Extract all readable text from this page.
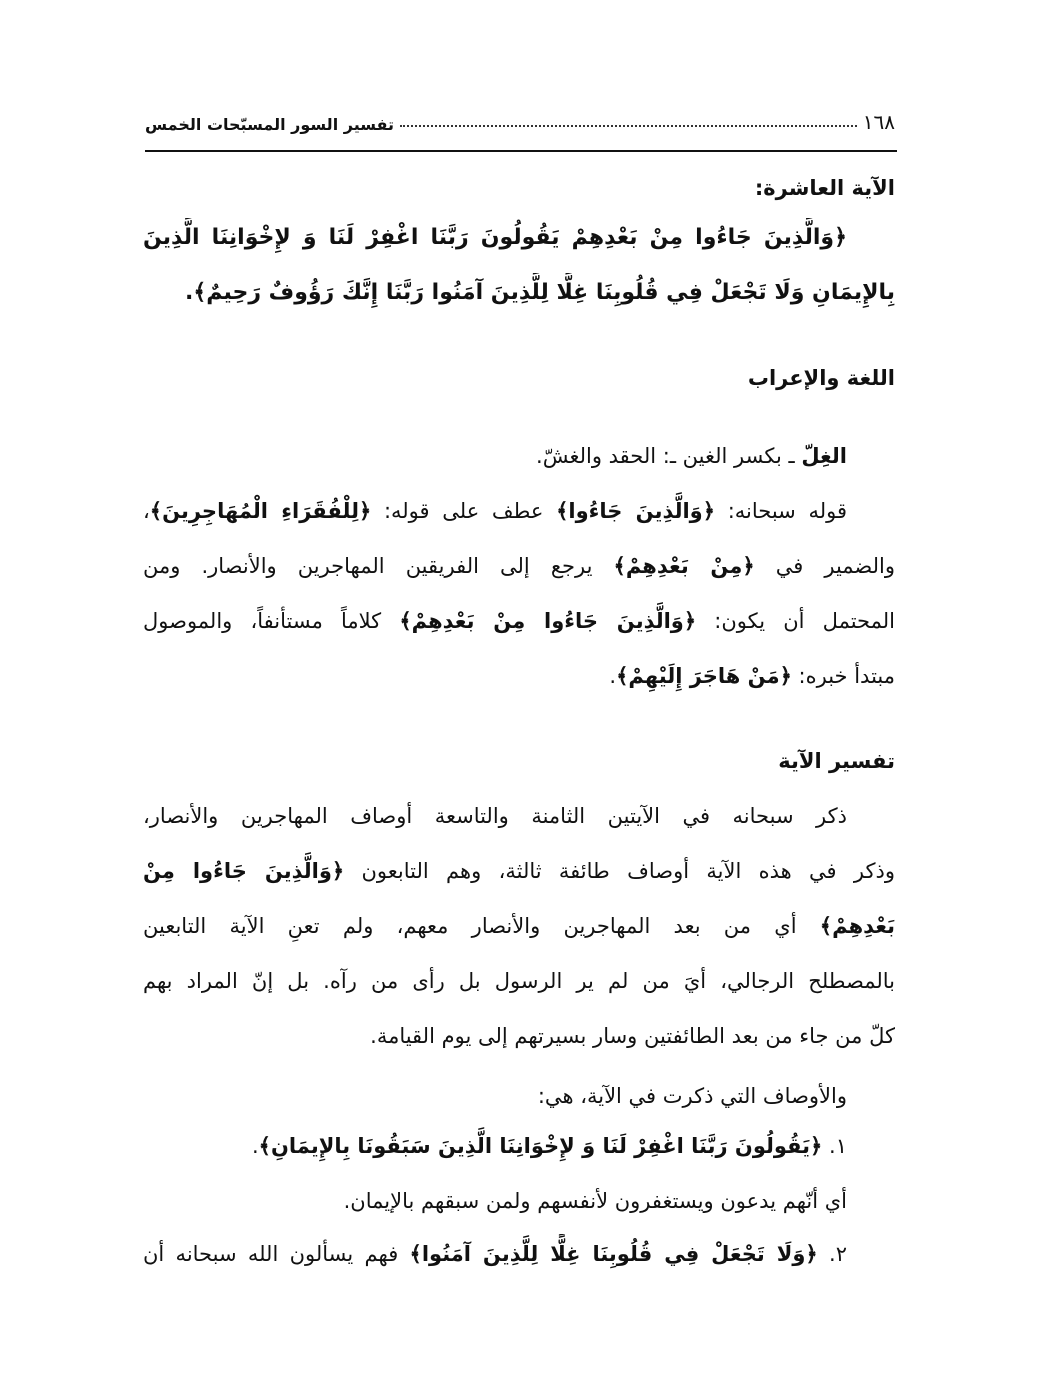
١٦٨
تفسير السور المسبّحات الخمس
الآية العاشرة:
﴿وَالَّذِينَ جَاءُوا مِنْ بَعْدِهِمْ يَقُولُونَ رَبَّنَا اغْفِرْ لَنَا وَ لإِخْوَانِنَا الَّذِينَ
بِالإِيمَانِ وَلَا تَجْعَلْ فِي قُلُوبِنَا غِلًّا لِلَّذِينَ آمَنُوا رَبَّنَا إِنَّكَ رَؤُوفٌ رَحِيمٌ﴾.
اللغة والإعراب
الغِلّ ـ بكسر الغين ـ: الحقد والغشّ.
قوله سبحانه: ﴿وَالَّذِينَ جَاءُوا﴾ عطف على قوله: ﴿لِلْفُقَرَاءِ الْمُهَاجِرِينَ﴾،
والضمير في ﴿مِنْ بَعْدِهِمْ﴾ يرجع إلى الفريقين المهاجرين والأنصار. ومن
المحتمل أن يكون: ﴿وَالَّذِينَ جَاءُوا مِنْ بَعْدِهِمْ﴾ كلاماً مستأنفاً، والموصول
مبتدأ خبره: ﴿مَنْ هَاجَرَ إِلَيْهِمْ﴾.
تفسير الآية
ذكر سبحانه في الآيتين الثامنة والتاسعة أوصاف المهاجرين والأنصار،
وذكر في هذه الآية أوصاف طائفة ثالثة، وهم التابعون ﴿وَالَّذِينَ جَاءُوا مِنْ
بَعْدِهِمْ﴾ أي من بعد المهاجرين والأنصار معهم، ولم تعنِ الآية التابعين
بالمصطلح الرجالي، أيَ من لم ير الرسول بل رأى من رآه. بل إنّ المراد بهم
كلّ من جاء من بعد الطائفتين وسار بسيرتهم إلى يوم القيامة.
والأوصاف التي ذكرت في الآية، هي:
١. ﴿يَقُولُونَ رَبَّنَا اغْفِرْ لَنَا وَ لإِخْوَانِنَا الَّذِينَ سَبَقُونَا بِالإِيمَانِ﴾.
أي أنّهم يدعون ويستغفرون لأنفسهم ولمن سبقهم بالإيمان.
٢. ﴿وَلَا تَجْعَلْ فِي قُلُوبِنَا غِلًّا لِلَّذِينَ آمَنُوا﴾ فهم يسألون الله سبحانه أن
